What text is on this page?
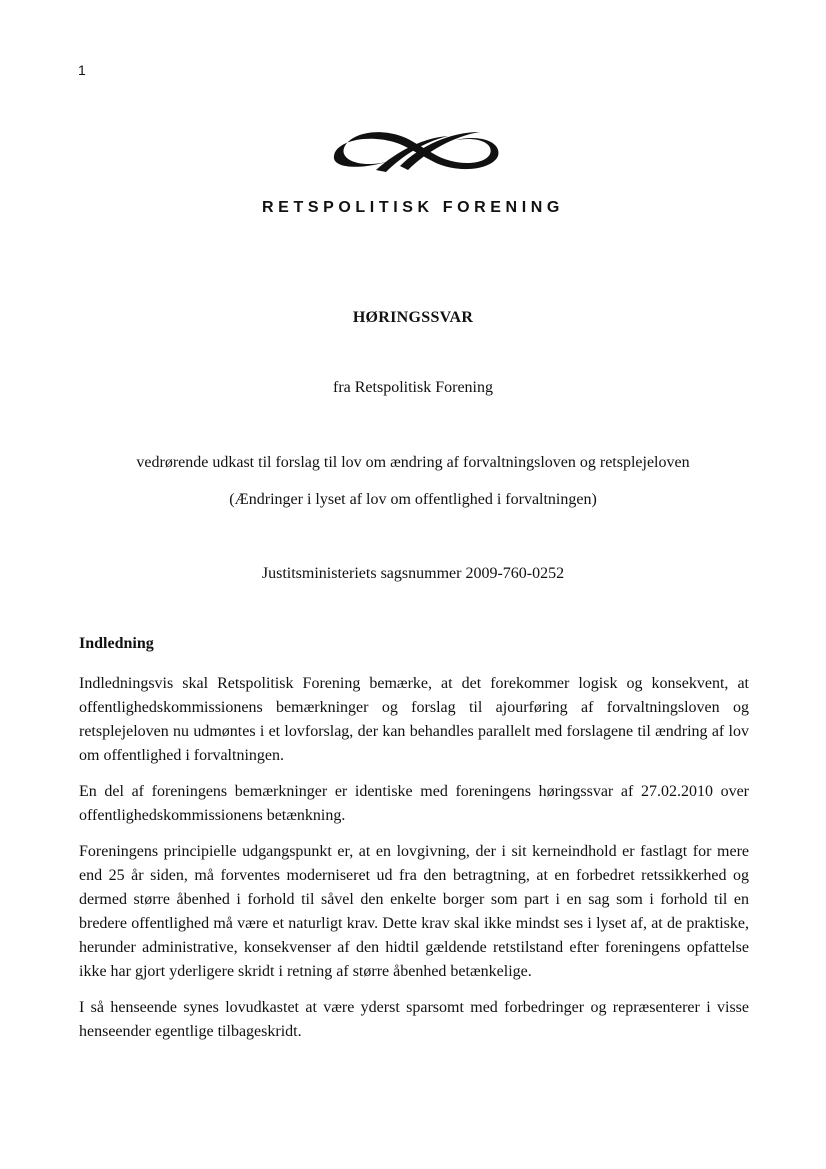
1
RETSPOLITISK FORENING
HØRINGSSVAR
fra Retspolitisk Forening
vedrørende udkast til forslag til lov om ændring af forvaltningsloven og retsplejeloven
(Ændringer i lyset af lov om offentlighed i forvaltningen)
Justitsministeriets sagsnummer 2009-760-0252
Indledning

Indledningsvis skal Retspolitisk Forening bemærke, at det forekommer logisk og konsekvent, at offentlighedskommissionens bemærkninger og forslag til ajourføring af forvaltningsloven og retsplejeloven nu udmøntes i et lovforslag, der kan behandles parallelt med forslagene til ændring af lov om offentlighed i forvaltningen.

En del af foreningens bemærkninger er identiske med foreningens høringssvar af 27.02.2010 over offentlighedskommissionens betænkning.

Foreningens principielle udgangspunkt er, at en lovgivning, der i sit kerneindhold er fastlagt for mere end 25 år siden, må forventes moderniseret ud fra den betragtning, at en forbedret retssikkerhed og dermed større åbenhed i forhold til såvel den enkelte borger som part i en sag som i forhold til en bredere offentlighed må være et naturligt krav. Dette krav skal ikke mindst ses i lyset af, at de praktiske, herunder administrative, konsekvenser af den hidtil gældende retstilstand efter foreningens opfattelse ikke har gjort yderligere skridt i retning af større åbenhed betænkelige.

I så henseende synes lovudkastet at være yderst sparsomt med forbedringer og repræsenterer i visse henseender egentlige tilbageskridt.
